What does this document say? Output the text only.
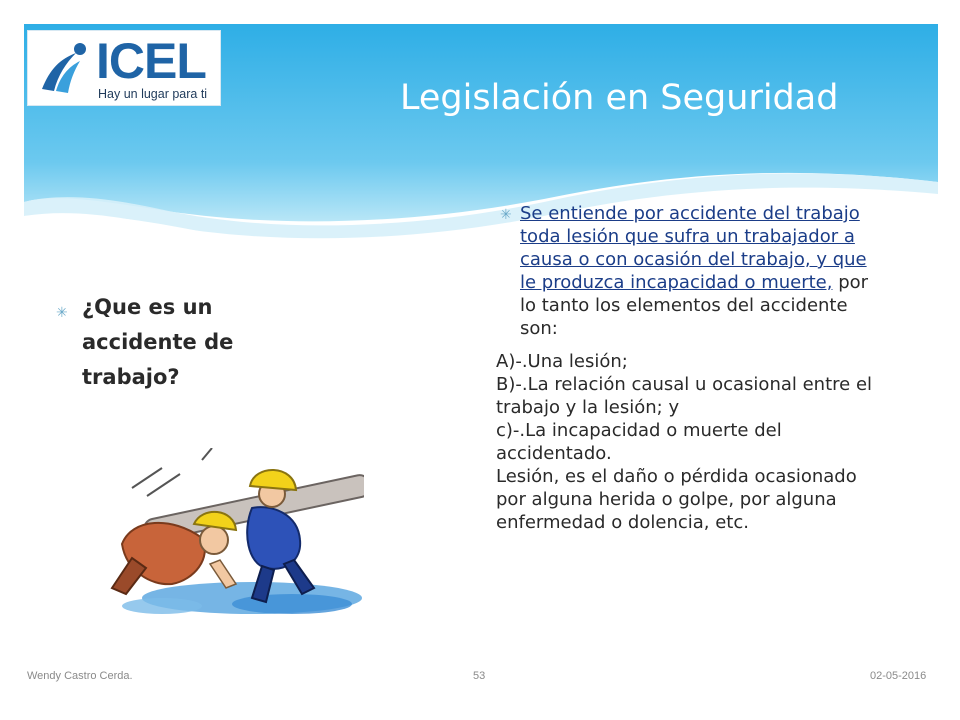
ICEL
Hay un lugar para ti	Legislación en Seguridad
✳ ¿Que es un accidente de trabajo?
✳ Se entiende por accidente del trabajo toda lesión que sufra un trabajador a causa o con ocasión del trabajo, y que le produzca incapacidad o muerte, por lo tanto los elementos del accidente son:

A)-.Una lesión;

B)-.La relación causal u ocasional entre el trabajo y la lesión; y

c)-.La incapacidad o muerte del accidentado.

Lesión, es el daño o pérdida ocasionado por alguna herida o golpe, por alguna enfermedad o dolencia, etc.

Wendy Castro Cerda.	53	02-05-2016
